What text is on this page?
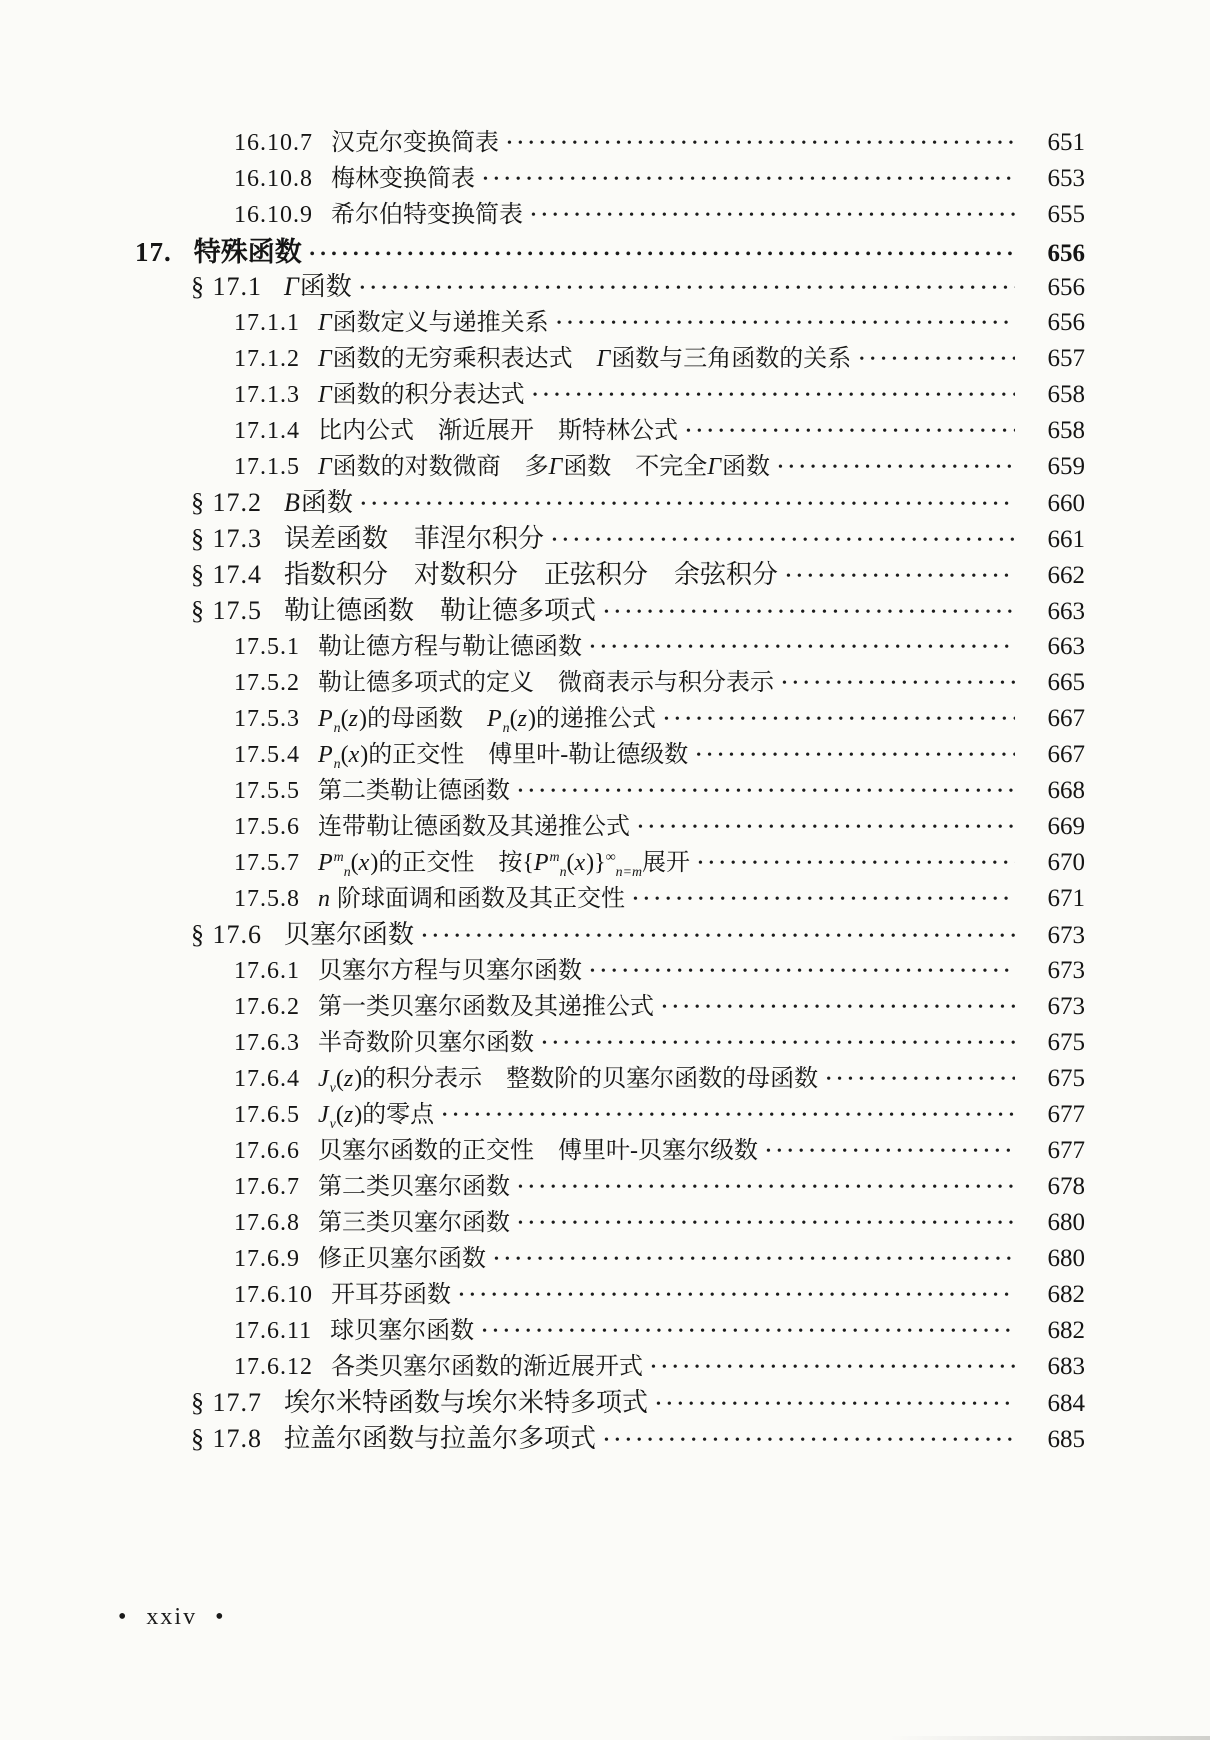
16.10.7 汉克尔变换简表 •••••	651
16.10.8 梅林变换简表 •••••	653
16.10.9 希尔伯特变换简表 •••••	655
17. 特殊函数 •••••	656
§ 17.1 Γ函数 •••••	656
17.1.1 Γ函数定义与递推关系 •••••	656
17.1.2 Γ函数的无穷乘积表达式　Γ函数与三角函数的关系 •••••	657
17.1.3 Γ函数的积分表达式 •••••	658
17.1.4 比内公式　渐近展开　斯特林公式 •••••	658
17.1.5 Γ函数的对数微商　多Γ函数　不完全Γ函数 •••••	659
§ 17.2 B函数 •••••	660
§ 17.3 误差函数　菲涅尔积分 •••••	661
§ 17.4 指数积分　对数积分　正弦积分　余弦积分 •••••	662
§ 17.5 勒让德函数　勒让德多项式 •••••	663
17.5.1 勒让德方程与勒让德函数 •••••	663
17.5.2 勒让德多项式的定义　微商表示与积分表示 •••••	665
17.5.3 $P_n(z)$的母函数　$P_n(z)$的递推公式 •••••	667
17.5.4 $P_n(x)$的正交性　傅里叶-勒让德级数 •••••	667
17.5.5 第二类勒让德函数 •••••	668
17.5.6 连带勒让德函数及其递推公式 •••••	669
17.5.7 $P^m_n(x)$的正交性　按$\{P^m_n(x)\}^\infty_{n=m}$展开 •••••	670
17.5.8 n 阶球面调和函数及其正交性 •••••	671
§ 17.6 贝塞尔函数 •••••	673
17.6.1 贝塞尔方程与贝塞尔函数 •••••	673
17.6.2 第一类贝塞尔函数及其递推公式 •••••	673
17.6.3 半奇数阶贝塞尔函数 •••••	675
17.6.4 $J_\nu(z)$的积分表示　整数阶的贝塞尔函数的母函数 •••••	675
17.6.5 $J_\nu(z)$的零点 •••••	677
17.6.6 贝塞尔函数的正交性　傅里叶-贝塞尔级数 •••••	677
17.6.7 第二类贝塞尔函数 •••••	678
17.6.8 第三类贝塞尔函数 •••••	680
17.6.9 修正贝塞尔函数 •••••	680
17.6.10 开耳芬函数 •••••	682
17.6.11 球贝塞尔函数 •••••	682
17.6.12 各类贝塞尔函数的渐近展开式 •••••	683
§ 17.7 埃尔米特函数与埃尔米特多项式 •••••	684
§ 17.8 拉盖尔函数与拉盖尔多项式 •••••	685
• xxiv •
